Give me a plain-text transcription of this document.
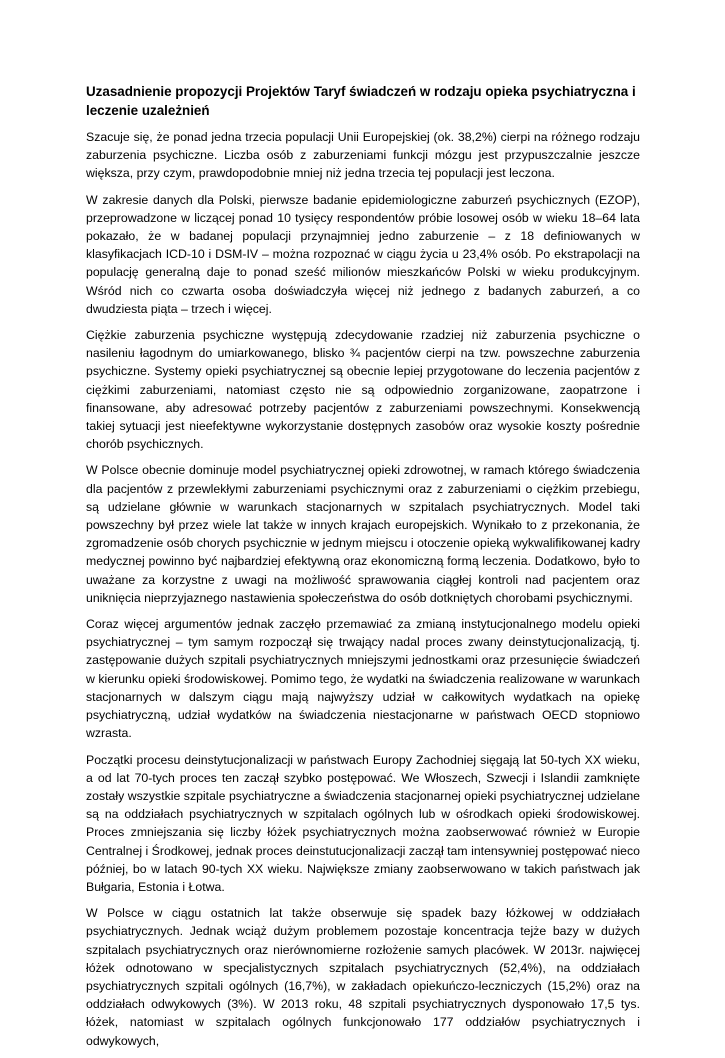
Uzasadnienie propozycji Projektów Taryf świadczeń w rodzaju opieka psychiatryczna i leczenie uzależnień

Szacuje się, że ponad jedna trzecia populacji Unii Europejskiej (ok. 38,2%) cierpi na różnego rodzaju zaburzenia psychiczne. Liczba osób z zaburzeniami funkcji mózgu jest przypuszczalnie jeszcze większa, przy czym, prawdopodobnie mniej niż jedna trzecia tej populacji jest leczona.

W zakresie danych dla Polski, pierwsze badanie epidemiologiczne zaburzeń psychicznych (EZOP), przeprowadzone w liczącej ponad 10 tysięcy respondentów próbie losowej osób w wieku 18–64 lata pokazało, że w badanej populacji przynajmniej jedno zaburzenie – z 18 definiowanych w klasyfikacjach ICD-10 i DSM-IV – można rozpoznać w ciągu życia u 23,4% osób. Po ekstrapolacji na populację generalną daje to ponad sześć milionów mieszkańców Polski w wieku produkcyjnym. Wśród nich co czwarta osoba doświadczyła więcej niż jednego z badanych zaburzeń, a co dwudziesta piąta – trzech i więcej.

Ciężkie zaburzenia psychiczne występują zdecydowanie rzadziej niż zaburzenia psychiczne o nasileniu łagodnym do umiarkowanego, blisko ¾ pacjentów cierpi na tzw. powszechne zaburzenia psychiczne. Systemy opieki psychiatrycznej są obecnie lepiej przygotowane do leczenia pacjentów z ciężkimi zaburzeniami, natomiast często nie są odpowiednio zorganizowane, zaopatrzone i finansowane, aby adresować potrzeby pacjentów z zaburzeniami powszechnymi. Konsekwencją takiej sytuacji jest nieefektywne wykorzystanie dostępnych zasobów oraz wysokie koszty pośrednie chorób psychicznych.

W Polsce obecnie dominuje model psychiatrycznej opieki zdrowotnej, w ramach którego świadczenia dla pacjentów z przewlekłymi zaburzeniami psychicznymi oraz z zaburzeniami o ciężkim przebiegu, są udzielane głównie w warunkach stacjonarnych w szpitalach psychiatrycznych. Model taki powszechny był przez wiele lat także w innych krajach europejskich. Wynikało to z przekonania, że zgromadzenie osób chorych psychicznie w jednym miejscu i otoczenie opieką wykwalifikowanej kadry medycznej powinno być najbardziej efektywną oraz ekonomiczną formą leczenia. Dodatkowo, było to uważane za korzystne z uwagi na możliwość sprawowania ciągłej kontroli nad pacjentem oraz uniknięcia nieprzyjaznego nastawienia społeczeństwa do osób dotkniętych chorobami psychicznymi.

Coraz więcej argumentów jednak zaczęło przemawiać za zmianą instytucjonalnego modelu opieki psychiatrycznej – tym samym rozpoczął się trwający nadal proces zwany deinstytucjonalizacją, tj. zastępowanie dużych szpitali psychiatrycznych mniejszymi jednostkami oraz przesunięcie świadczeń w kierunku opieki środowiskowej. Pomimo tego, że wydatki na świadczenia realizowane w warunkach stacjonarnych w dalszym ciągu mają najwyższy udział w całkowitych wydatkach na opiekę psychiatryczną, udział wydatków na świadczenia niestacjonarne w państwach OECD stopniowo wzrasta.

Początki procesu deinstytucjonalizacji w państwach Europy Zachodniej sięgają lat 50-tych XX wieku, a od lat 70-tych proces ten zaczął szybko postępować. We Włoszech, Szwecji i Islandii zamknięte zostały wszystkie szpitale psychiatryczne a świadczenia stacjonarnej opieki psychiatrycznej udzielane są na oddziałach psychiatrycznych w szpitalach ogólnych lub w ośrodkach opieki środowiskowej. Proces zmniejszania się liczby łóżek psychiatrycznych można zaobserwować również w Europie Centralnej i Środkowej, jednak proces deinstutucjonalizacji zaczął tam intensywniej postępować nieco później, bo w latach 90-tych XX wieku. Największe zmiany zaobserwowano w takich państwach jak Bułgaria, Estonia i Łotwa.

W Polsce w ciągu ostatnich lat także obserwuje się spadek bazy łóżkowej w oddziałach psychiatrycznych. Jednak wciąż dużym problemem pozostaje koncentracja tejże bazy w dużych szpitalach psychiatrycznych oraz nierównomierne rozłożenie samych placówek. W 2013r. najwięcej łóżek odnotowano w specjalistycznych szpitalach psychiatrycznych (52,4%), na oddziałach psychiatrycznych szpitali ogólnych (16,7%), w zakładach opiekuńczo-leczniczych (15,2%) oraz na oddziałach odwykowych (3%). W 2013 roku, 48 szpitali psychiatrycznych dysponowało 17,5 tys. łóżek, natomiast w szpitalach ogólnych funkcjonowało 177 oddziałów psychiatrycznych i odwykowych,
